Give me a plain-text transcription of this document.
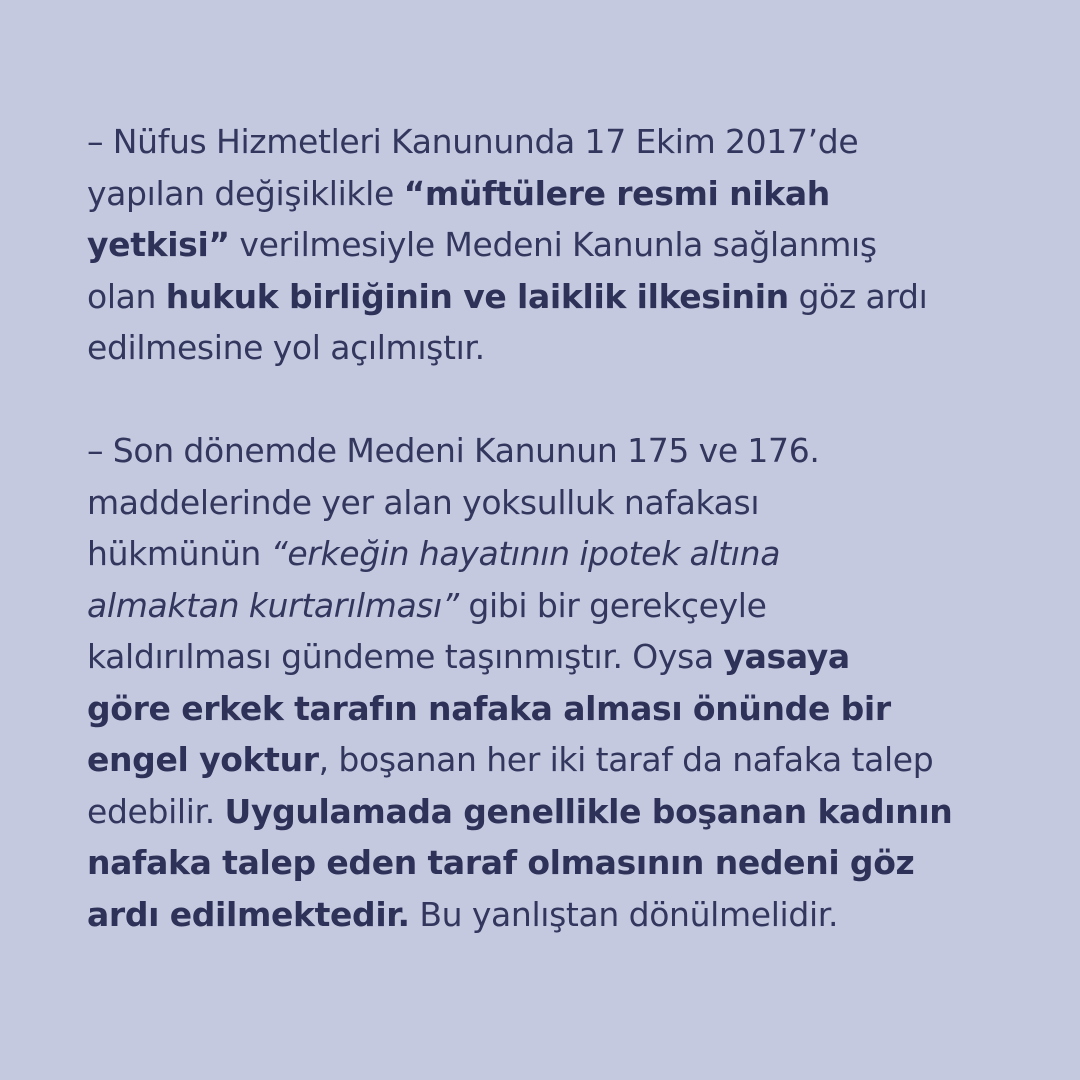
– Nüfus Hizmetleri Kanununda 17 Ekim 2017’de
yapılan değişiklikle “müftülere resmi nikah
yetkisi” verilmesiyle Medeni Kanunla sağlanmış
olan hukuk birliğinin ve laiklik ilkesinin göz ardı
edilmesine yol açılmıştır.

– Son dönemde Medeni Kanunun 175 ve 176.
maddelerinde yer alan yoksulluk nafakası
hükmünün “erkeğin hayatının ipotek altına
almaktan kurtarılması” gibi bir gerekçeyle
kaldırılması gündeme taşınmıştır. Oysa yasaya
göre erkek tarafın nafaka alması önünde bir
engel yoktur, boşanan her iki taraf da nafaka talep
edebilir. Uygulamada genellikle boşanan kadının
nafaka talep eden taraf olmasının nedeni göz
ardı edilmektedir. Bu yanlıştan dönülmelidir.
